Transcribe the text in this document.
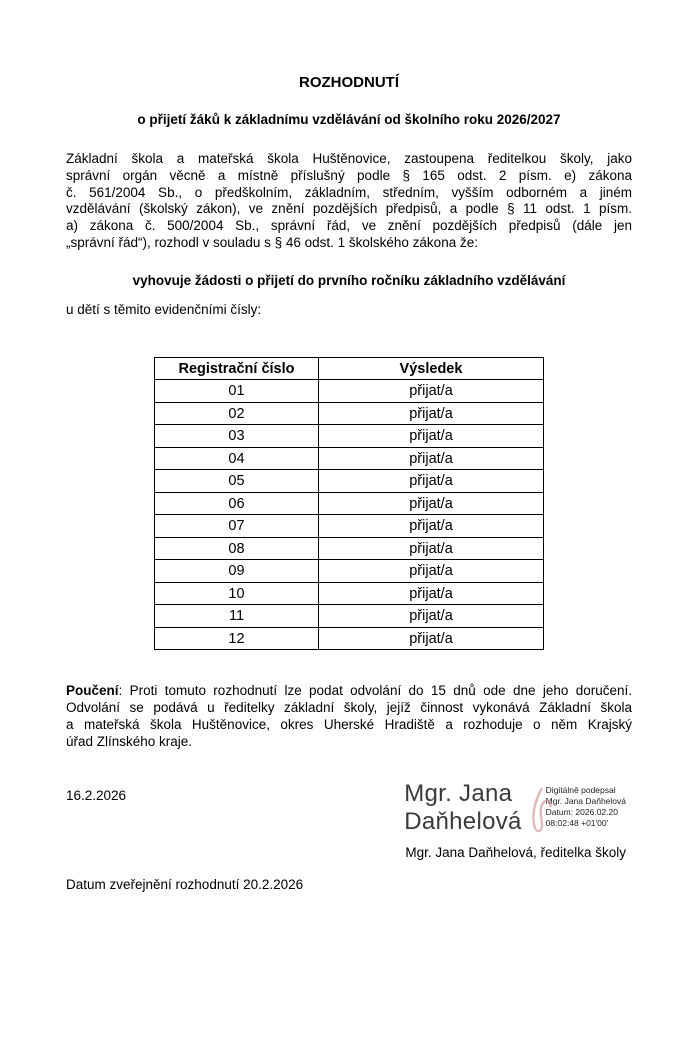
ROZHODNUTÍ
o přijetí žáků k základnímu vzdělávání od školního roku 2026/2027
Základní škola a mateřská škola Huštěnovice, zastoupena ředitelkou školy, jako
správní orgán věcně a místně příslušný podle § 165 odst. 2 písm. e) zákona
č. 561/2004 Sb., o předškolním, základním, středním, vyšším odborném a jiném
vzdělávání (školský zákon), ve znění pozdějších předpisů, a podle § 11 odst. 1 písm.
a) zákona č. 500/2004 Sb., správní řád, ve znění pozdějších předpisů (dále jen
„správní řád“), rozhodl v souladu s § 46 odst. 1 školského zákona že:
vyhovuje žádosti o přijetí do prvního ročníku základního vzdělávání
u dětí s těmito evidenčními čísly:
Registrační číslo	Výsledek
01	přijat/a
02	přijat/a
03	přijat/a
04	přijat/a
05	přijat/a
06	přijat/a
07	přijat/a
08	přijat/a
09	přijat/a
10	přijat/a
11	přijat/a
12	přijat/a
Poučení: Proti tomuto rozhodnutí lze podat odvolání do 15 dnů ode dne jeho doručení.
Odvolání se podává u ředitelky základní školy, jejíž činnost vykonává Základní škola
a mateřská škola Huštěnovice, okres Uherské Hradiště a rozhoduje o něm Krajský
úřad Zlínského kraje.
16.2.2026	Mgr. Jana
Daňhelová
Digitálně podepsal
Mgr. Jana Daňhelová
Datum: 2026.02.20
08:02:48 +01'00'
Mgr. Jana Daňhelová, ředitelka školy
Datum zveřejnění rozhodnutí 20.2.2026
